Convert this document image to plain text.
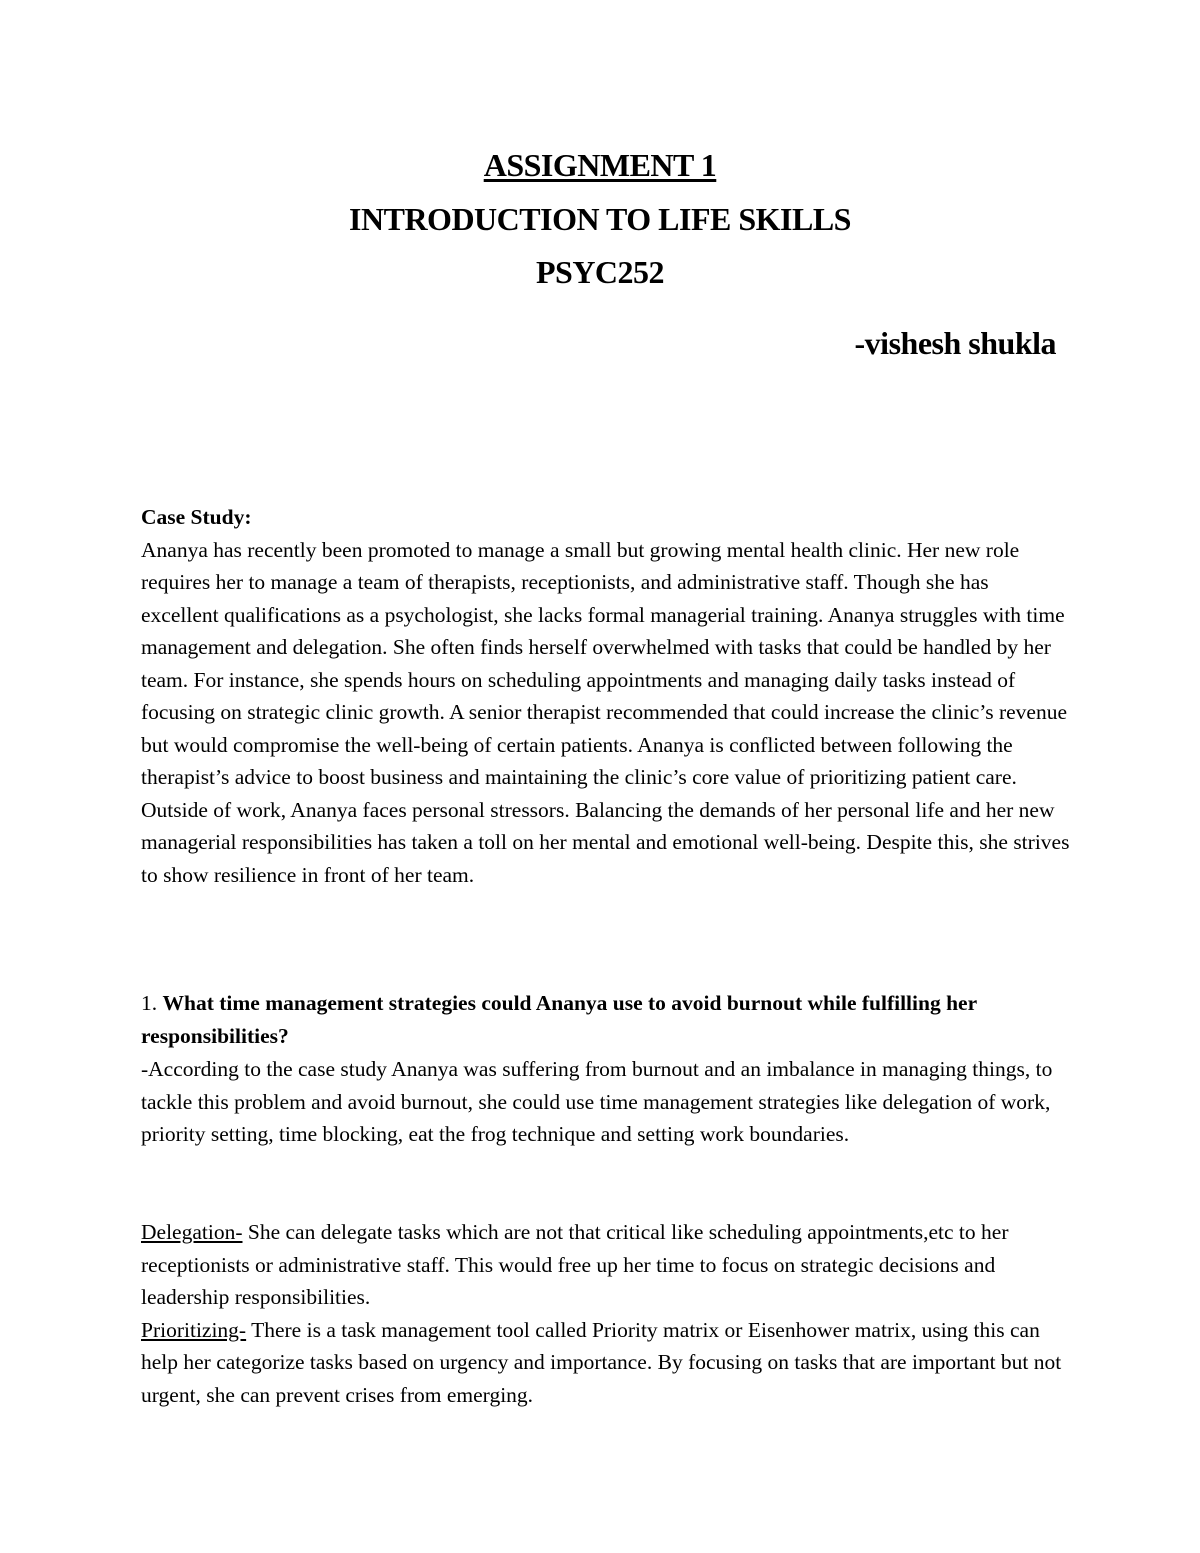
ASSIGNMENT 1
INTRODUCTION TO LIFE SKILLS
PSYC252
-vishesh shukla

Case Study:

Ananya has recently been promoted to manage a small but growing mental health clinic. Her new role requires her to manage a team of therapists, receptionists, and administrative staff. Though she has excellent qualifications as a psychologist, she lacks formal managerial training. Ananya struggles with time management and delegation. She often finds herself overwhelmed with tasks that could be handled by her team. For instance, she spends hours on scheduling appointments and managing daily tasks instead of focusing on strategic clinic growth. A senior therapist recommended that could increase the clinic’s revenue but would compromise the well-being of certain patients. Ananya is conflicted between following the therapist’s advice to boost business and maintaining the clinic’s core value of prioritizing patient care. Outside of work, Ananya faces personal stressors. Balancing the demands of her personal life and her new managerial responsibilities has taken a toll on her mental and emotional well-being. Despite this, she strives to show resilience in front of her team.

1. What time management strategies could Ananya use to avoid burnout while fulfilling her responsibilities?

-According to the case study Ananya was suffering from burnout and an imbalance in managing things, to tackle this problem and avoid burnout, she could use time management strategies like delegation of work, priority setting, time blocking, eat the frog technique and setting work boundaries.

Delegation- She can delegate tasks which are not that critical like scheduling appointments,etc to her receptionists or administrative staff. This would free up her time to focus on strategic decisions and leadership responsibilities.

Prioritizing- There is a task management tool called Priority matrix or Eisenhower matrix, using this can help her categorize tasks based on urgency and importance. By focusing on tasks that are important but not urgent, she can prevent crises from emerging.
